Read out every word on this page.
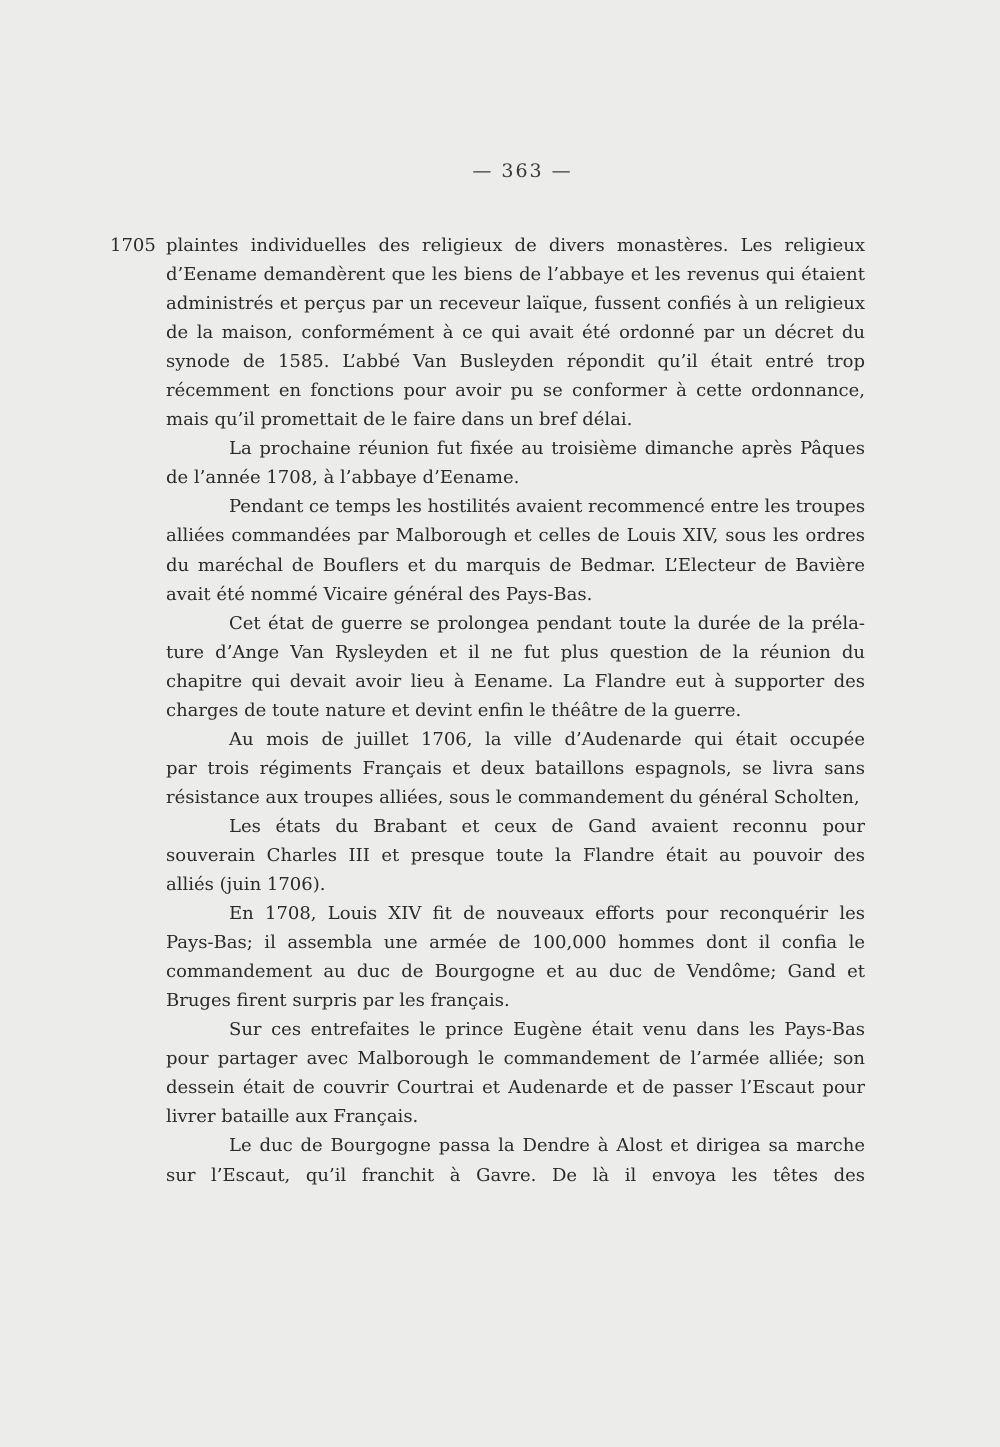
— 363 —
1705 plaintes individuelles des religieux de divers monastères. Les religieux

d’Eename demandèrent que les biens de l’abbaye et les revenus qui étaient

administrés et perçus par un receveur laïque, fussent confiés à un religieux

de la maison, conformément à ce qui avait été ordonné par un décret du

synode de 1585. L’abbé Van Busleyden répondit qu’il était entré trop

récemment en fonctions pour avoir pu se conformer à cette ordonnance,

mais qu’il promettait de le faire dans un bref délai.

La prochaine réunion fut fixée au troisième dimanche après Pâques

de l’année 1708, à l’abbaye d’Eename.

Pendant ce temps les hostilités avaient recommencé entre les troupes

alliées commandées par Malborough et celles de Louis XIV, sous les ordres

du maréchal de Bouflers et du marquis de Bedmar. L’Electeur de Bavière

avait été nommé Vicaire général des Pays-Bas.

Cet état de guerre se prolongea pendant toute la durée de la préla-

ture d’Ange Van Rysleyden et il ne fut plus question de la réunion du

chapitre qui devait avoir lieu à Eename. La Flandre eut à supporter des

charges de toute nature et devint enfin le théâtre de la guerre.

Au mois de juillet 1706, la ville d’Audenarde qui était occupée

par trois régiments Français et deux bataillons espagnols, se livra sans

résistance aux troupes alliées, sous le commandement du général Scholten,

Les états du Brabant et ceux de Gand avaient reconnu pour

souverain Charles III et presque toute la Flandre était au pouvoir des

alliés (juin 1706).

En 1708, Louis XIV fit de nouveaux efforts pour reconquérir les

Pays-Bas; il assembla une armée de 100,000 hommes dont il confia le

commandement au duc de Bourgogne et au duc de Vendôme; Gand et

Bruges firent surpris par les français.

Sur ces entrefaites le prince Eugène était venu dans les Pays-Bas

pour partager avec Malborough le commandement de l’armée alliée; son

dessein était de couvrir Courtrai et Audenarde et de passer l’Escaut pour

livrer bataille aux Français.

Le duc de Bourgogne passa la Dendre à Alost et dirigea sa marche

sur l’Escaut, qu’il franchit à Gavre. De là il envoya les têtes des
